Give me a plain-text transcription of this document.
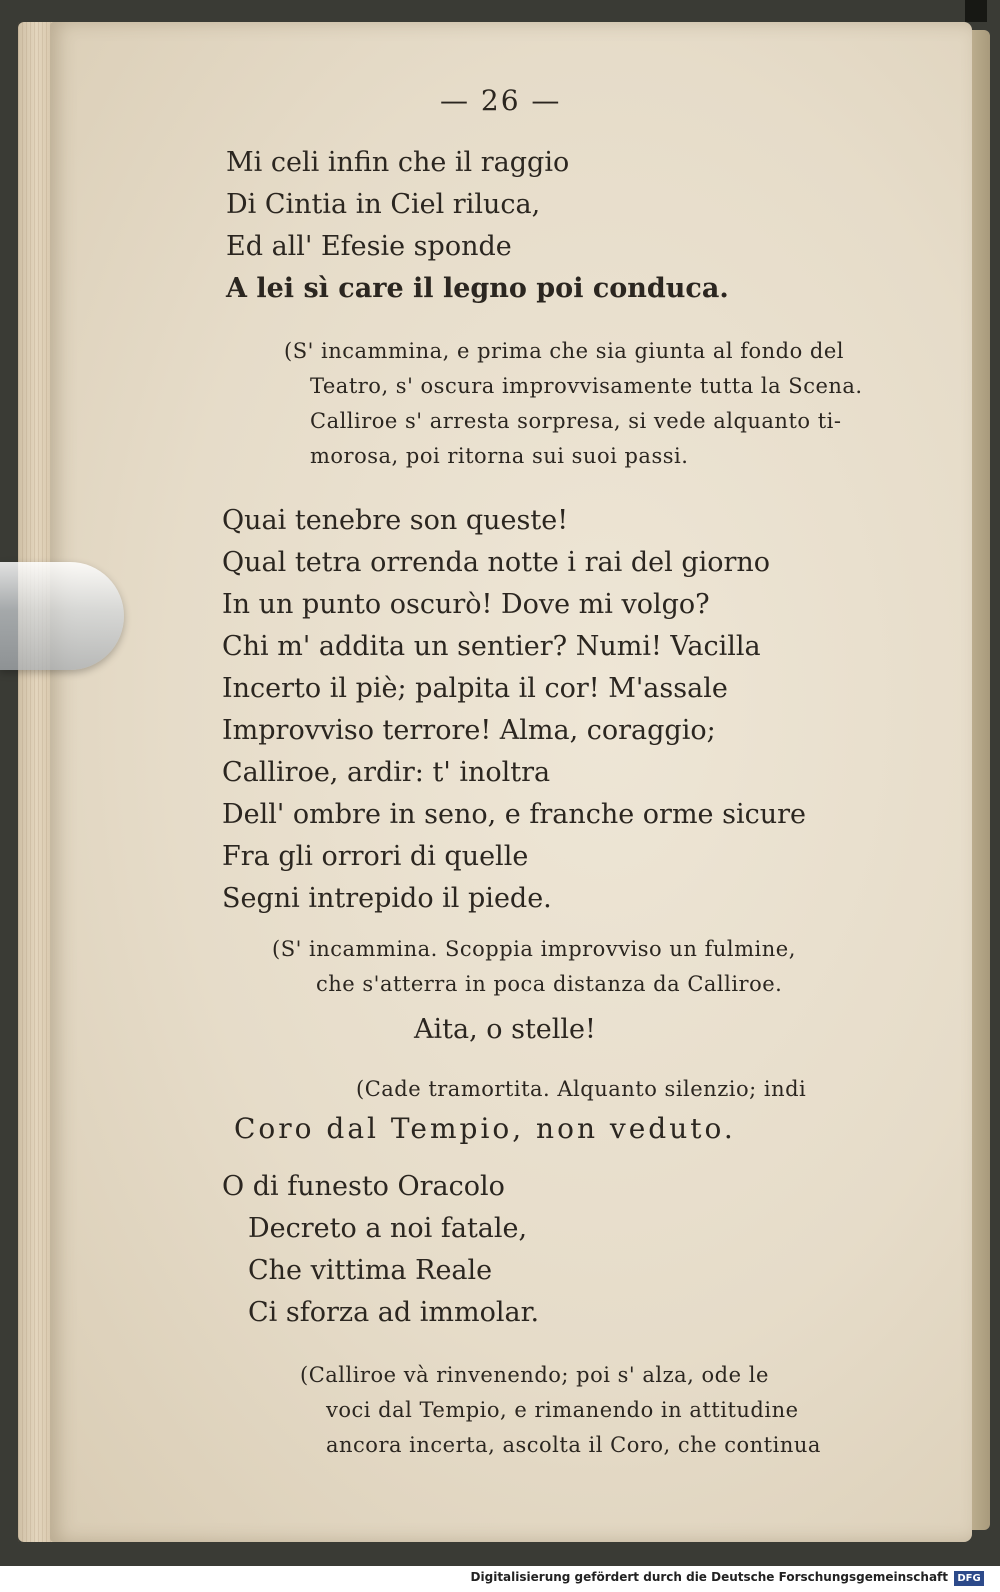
— 26 —
Mi celi infin che il raggio
Di Cintia in Ciel riluca,
Ed all' Efesie sponde
A lei sì care il legno poi conduca.
(S' incammina, e prima che sia giunta al fondo del
Teatro, s' oscura improvvisamente tutta la Scena.
Calliroe s' arresta sorpresa, si vede alquanto ti-
morosa, poi ritorna sui suoi passi.
Quai tenebre son queste!
Qual tetra orrenda notte i rai del giorno
In un punto oscurò! Dove mi volgo?
Chi m' addita un sentier? Numi! Vacilla
Incerto il piè; palpita il cor! M'assale
Improvviso terrore! Alma, coraggio;
Calliroe, ardir: t' inoltra
Dell' ombre in seno, e franche orme sicure
Fra gli orrori di quelle
Segni intrepido il piede.
(S' incammina. Scoppia improvviso un fulmine,
che s'atterra in poca distanza da Calliroe.
Aita, o stelle!
(Cade tramortita. Alquanto silenzio; indi
Coro dal Tempio, non veduto.
O di funesto Oracolo
Decreto a noi fatale,
Che vittima Reale
Ci sforza ad immolar.
(Calliroe và rinvenendo; poi s' alza, ode le
voci dal Tempio, e rimanendo in attitudine
ancora incerta, ascolta il Coro, che continua
Digitalisierung gefördert durch die Deutsche Forschungsgemeinschaft DFG
